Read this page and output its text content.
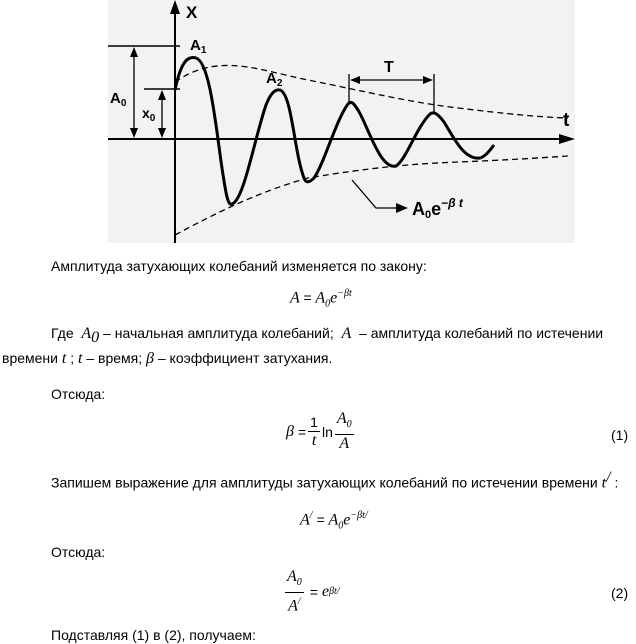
X
t
$A_0$
$x_0$
$A_1$
$A_2$
T
$A0e^{-\beta t}$
Амплитуда затухающих колебаний изменяется по закону:
$A = A_0e^{-\beta t}$
Где $A_0$ – начальная амплитуда колебаний; A – амплитуда колебаний по истечении
времени t ; t – время; β – коэффициент затухания.
Отсюда:
β
= $\frac{1}{t}$ $\ln \frac{A_0}{A}$	(1)
Запишем выражение для амплитуды затухающих колебаний по истечении времени t/ :
$A^/ = A_0e^{-\beta t/}$
Отсюда:
$\frac{A_0}{A^/}$
=
e βt/	(2)
Подставляя (1) в (2), получаем:
